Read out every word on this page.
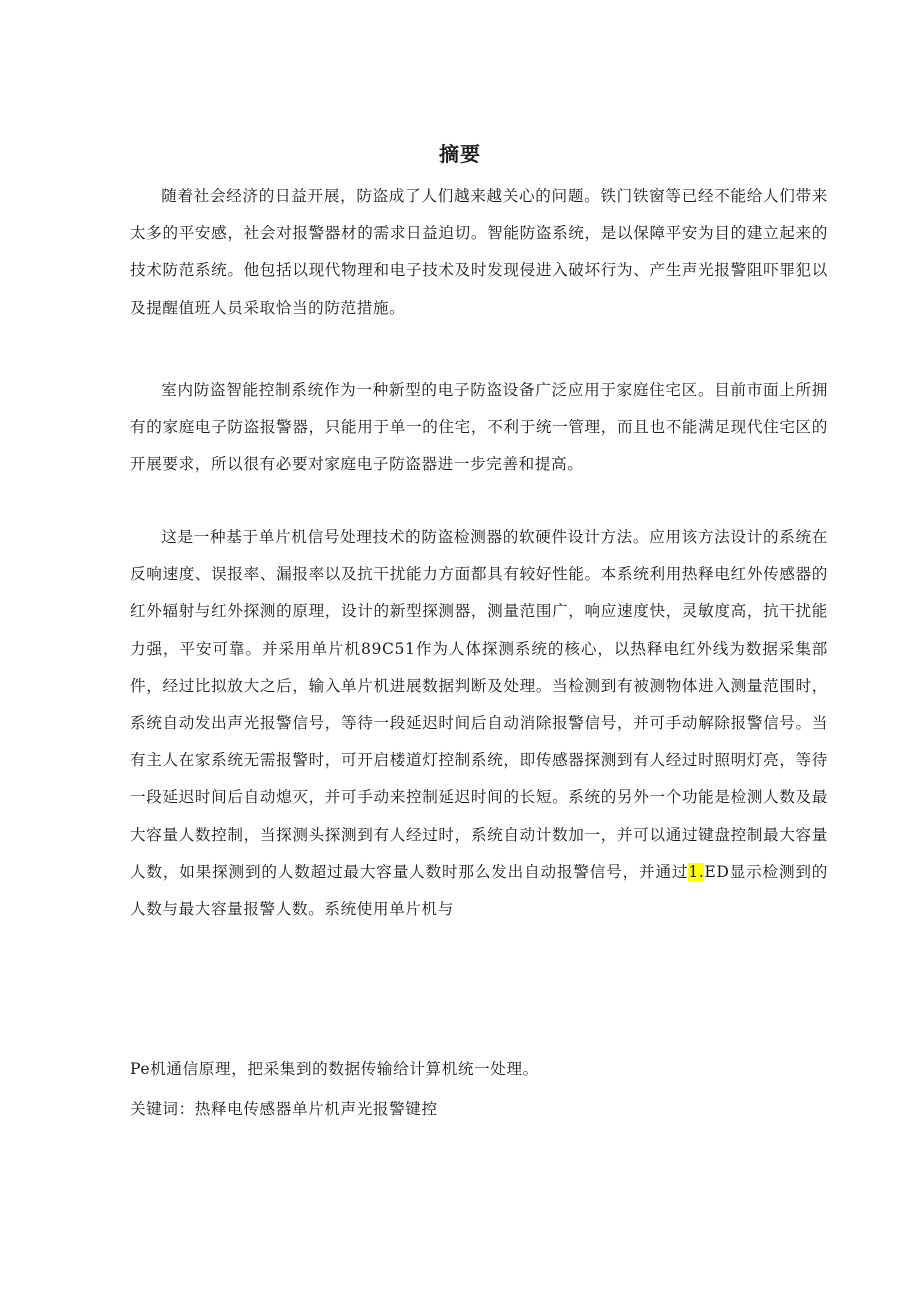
摘要

随着社会经济的日益开展，防盗成了人们越来越关心的问题。铁门铁窗等已经不能给人们带来太多的平安感，社会对报警器材的需求日益迫切。智能防盗系统，是以保障平安为目的建立起来的技术防范系统。他包括以现代物理和电子技术及时发现侵进入破坏行为、产生声光报警阻吓罪犯以及提醒值班人员采取恰当的防范措施。

室内防盗智能控制系统作为一种新型的电子防盗设备广泛应用于家庭住宅区。目前市面上所拥有的家庭电子防盗报警器，只能用于单一的住宅，不利于统一管理，而且也不能满足现代住宅区的开展要求，所以很有必要对家庭电子防盗器进一步完善和提高。

这是一种基于单片机信号处理技术的防盗检测器的软硬件设计方法。应用该方法设计的系统在反响速度、误报率、漏报率以及抗干扰能力方面都具有较好性能。本系统利用热释电红外传感器的红外辐射与红外探测的原理，设计的新型探测器，测量范围广，响应速度快，灵敏度高，抗干扰能力强，平安可靠。并采用单片机89C51作为人体探测系统的核心，以热释电红外线为数据采集部件，经过比拟放大之后，输入单片机进展数据判断及处理。当检测到有被测物体进入测量范围时，系统自动发出声光报警信号，等待一段延迟时间后自动消除报警信号，并可手动解除报警信号。当有主人在家系统无需报警时，可开启楼道灯控制系统，即传感器探测到有人经过时照明灯亮，等待一段延迟时间后自动熄灭，并可手动来控制延迟时间的长短。系统的另外一个功能是检测人数及最大容量人数控制，当探测头探测到有人经过时，系统自动计数加一，并可以通过键盘控制最大容量人数，如果探测到的人数超过最大容量人数时那么发出自动报警信号，并通过1.ED显示检测到的人数与最大容量报警人数。系统使用单片机与

Pe机通信原理，把采集到的数据传输给计算机统一处理。
关键词：热释电传感器单片机声光报警键控
